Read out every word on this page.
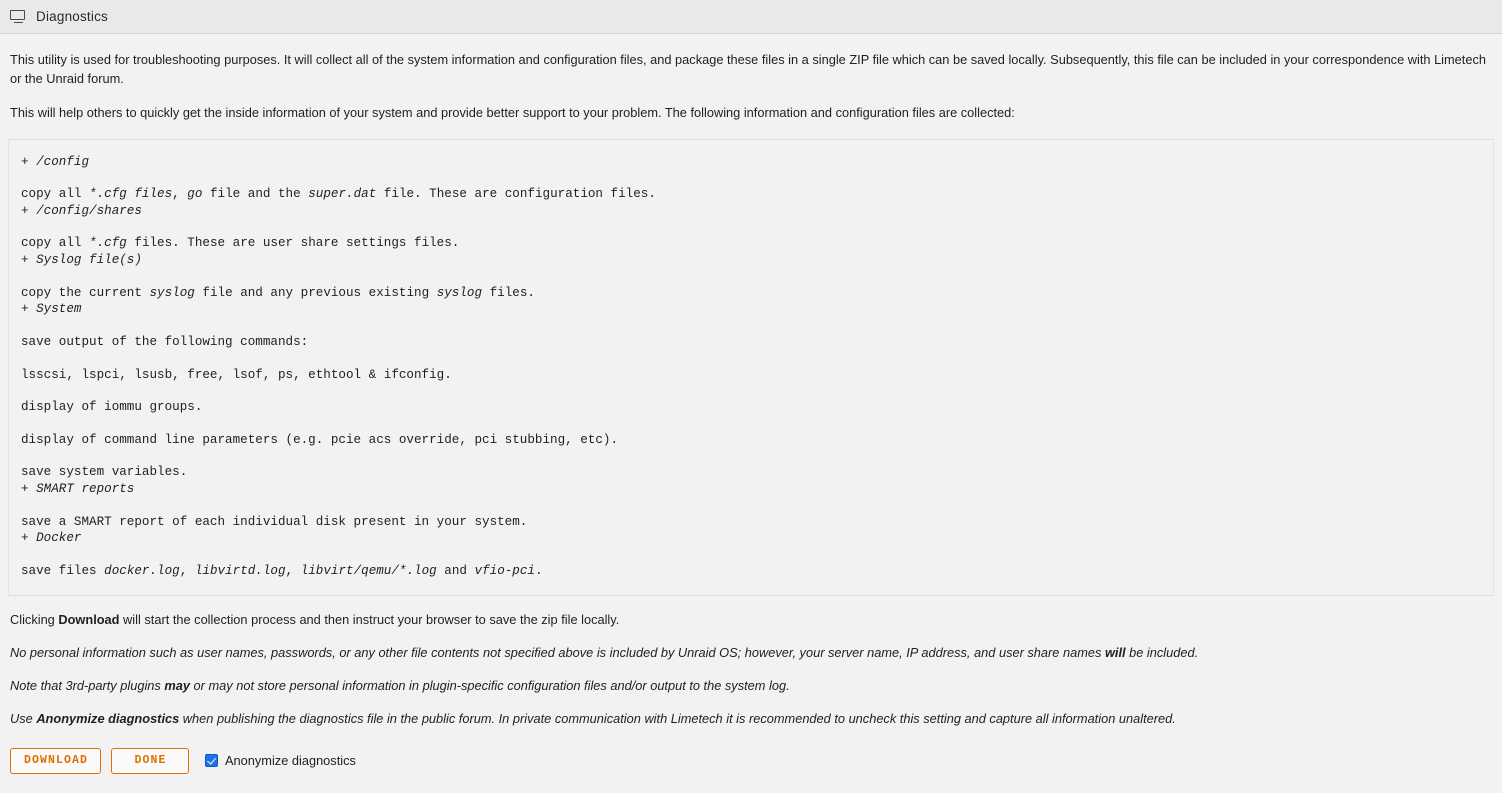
Diagnostics

This utility is used for troubleshooting purposes. It will collect all of the system information and configuration files, and package these files in a single ZIP file which can be saved locally. Subsequently, this file can be included in your correspondence with Limetech or the Unraid forum.

This will help others to quickly get the inside information of your system and provide better support to your problem. The following information and configuration files are collected:

+ /config
copy all *.cfg files, go file and the super.dat file. These are configuration files.
+ /config/shares
copy all *.cfg files. These are user share settings files.
+ Syslog file(s)
copy the current syslog file and any previous existing syslog files.
+ System
save output of the following commands:
lsscsi, lspci, lsusb, free, lsof, ps, ethtool & ifconfig.
display of iommu groups.
display of command line parameters (e.g. pcie acs override, pci stubbing, etc).
save system variables.
+ SMART reports
save a SMART report of each individual disk present in your system.
+ Docker
save files docker.log, libvirtd.log, libvirt/qemu/*.log and vfio-pci.

Clicking Download will start the collection process and then instruct your browser to save the zip file locally.

No personal information such as user names, passwords, or any other file contents not specified above is included by Unraid OS; however, your server name, IP address, and user share names will be included.

Note that 3rd-party plugins may or may not store personal information in plugin-specific configuration files and/or output to the system log.

Use Anonymize diagnostics when publishing the diagnostics file in the public forum. In private communication with Limetech it is recommended to uncheck this setting and capture all information unaltered.

DOWNLOAD	DONE	Anonymize diagnostics
